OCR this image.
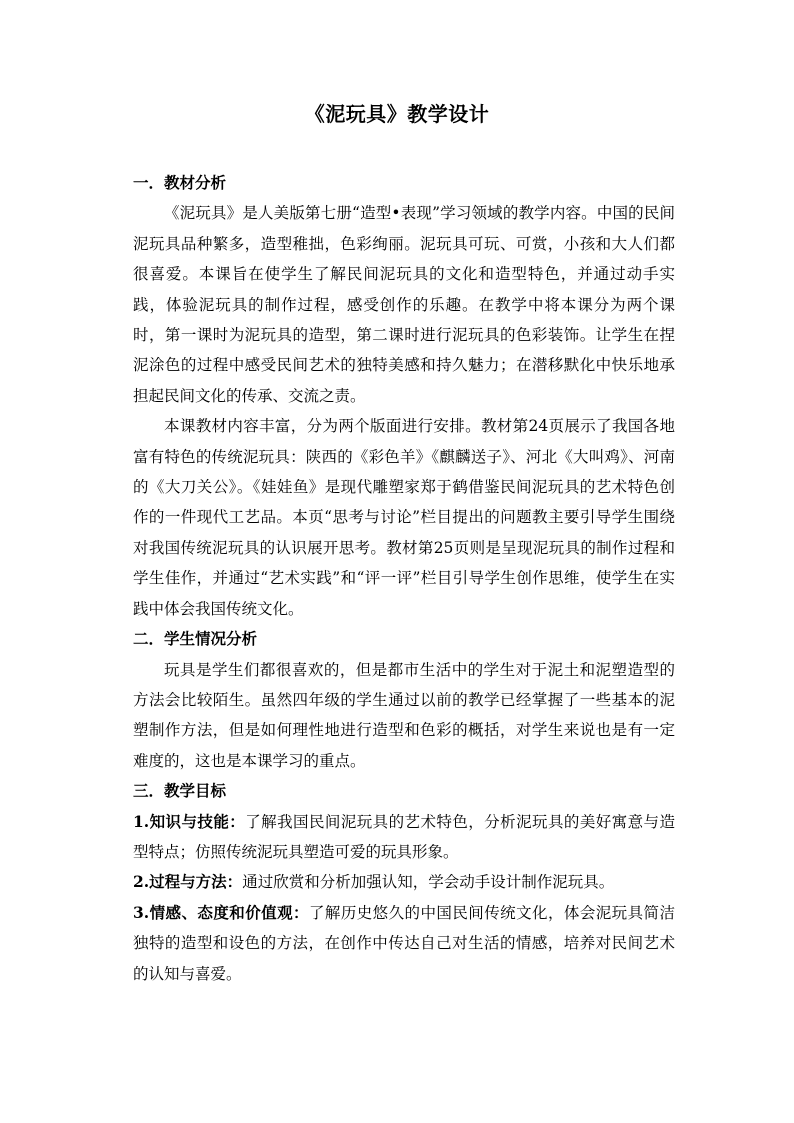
《泥玩具》教学设计

一．教材分析

《泥玩具》是人美版第七册“造型•表现”学习领域的教学内容。中国的民间泥玩具品种繁多，造型稚拙，色彩绚丽。泥玩具可玩、可赏，小孩和大人们都很喜爱。本课旨在使学生了解民间泥玩具的文化和造型特色，并通过动手实践，体验泥玩具的制作过程，感受创作的乐趣。在教学中将本课分为两个课时，第一课时为泥玩具的造型，第二课时进行泥玩具的色彩装饰。让学生在捏泥涂色的过程中感受民间艺术的独特美感和持久魅力；在潜移默化中快乐地承担起民间文化的传承、交流之责。

本课教材内容丰富，分为两个版面进行安排。教材第24页展示了我国各地富有特色的传统泥玩具：陕西的《彩色羊》《麒麟送子》、河北《大叫鸡》、河南的《大刀关公》。《娃娃鱼》是现代雕塑家郑于鹤借鉴民间泥玩具的艺术特色创作的一件现代工艺品。本页“思考与讨论”栏目提出的问题教主要引导学生围绕对我国传统泥玩具的认识展开思考。教材第25页则是呈现泥玩具的制作过程和学生佳作，并通过“艺术实践”和“评一评”栏目引导学生创作思维，使学生在实践中体会我国传统文化。

二．学生情况分析

玩具是学生们都很喜欢的，但是都市生活中的学生对于泥土和泥塑造型的方法会比较陌生。虽然四年级的学生通过以前的教学已经掌握了一些基本的泥塑制作方法，但是如何理性地进行造型和色彩的概括，对学生来说也是有一定难度的，这也是本课学习的重点。

三．教学目标

1.知识与技能：了解我国民间泥玩具的艺术特色，分析泥玩具的美好寓意与造型特点；仿照传统泥玩具塑造可爱的玩具形象。

2.过程与方法：通过欣赏和分析加强认知，学会动手设计制作泥玩具。

3.情感、态度和价值观：了解历史悠久的中国民间传统文化，体会泥玩具简洁独特的造型和设色的方法，在创作中传达自己对生活的情感，培养对民间艺术的认知与喜爱。
